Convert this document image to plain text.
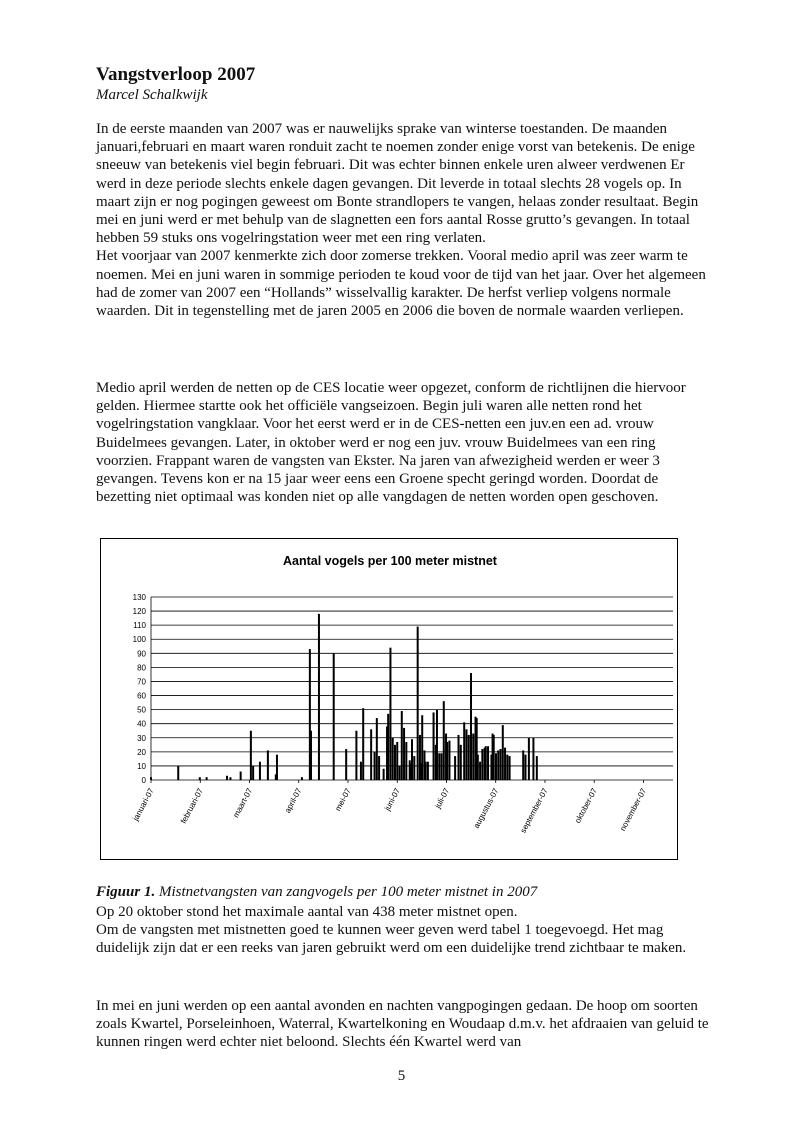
Vangstverloop 2007
Marcel Schalkwijk

In de eerste maanden van 2007 was er nauwelijks sprake van winterse toestanden. De maanden januari,februari en maart waren ronduit zacht te noemen zonder enige vorst van betekenis. De enige sneeuw van betekenis viel begin februari. Dit was echter binnen enkele uren alweer verdwenen Er werd in deze periode slechts enkele dagen gevangen. Dit leverde in totaal slechts 28 vogels op. In maart zijn er nog pogingen geweest om Bonte strandlopers te vangen, helaas zonder resultaat. Begin mei en juni werd er met behulp van de slagnetten een fors aantal Rosse grutto’s gevangen. In totaal hebben 59 stuks ons vogelringstation weer met een ring verlaten.

Het voorjaar van 2007 kenmerkte zich door zomerse trekken. Vooral medio april was zeer warm te noemen. Mei en juni waren in sommige perioden te koud voor de tijd van het jaar. Over het algemeen had de zomer van 2007 een “Hollands” wisselvallig karakter. De herfst verliep volgens normale waarden. Dit in tegenstelling met de jaren 2005 en 2006 die boven de normale waarden verliepen.

Medio april werden de netten op de CES locatie weer opgezet, conform de richtlijnen die hiervoor gelden. Hiermee startte ook het officiële vangseizoen. Begin juli waren alle netten rond het vogelringstation vangklaar. Voor het eerst werd er in de CES-netten een juv.en een ad. vrouw Buidelmees gevangen. Later, in oktober werd er nog een juv. vrouw Buidelmees van een ring voorzien. Frappant waren de vangsten van Ekster. Na jaren van afwezigheid werden er weer 3 gevangen. Tevens kon er na 15 jaar weer eens een Groene specht geringd worden. Doordat de bezetting niet optimaal was konden niet op alle vangdagen de netten worden open geschoven.

Aantal vogels per 100 meter mistnet
0
10
20
30
40
50
60
70
80
90
100
110
120
130
januari-07	februari-07	maart-07	april-07	mei-07	juni-07	juli-07	augustus-07 september-07	oktober-07 november-07
Figuur 1. Mistnetvangsten van zangvogels per 100 meter mistnet in 2007

Op 20 oktober stond het maximale aantal van 438 meter mistnet open.

Om de vangsten met mistnetten goed te kunnen weer geven werd tabel 1 toegevoegd. Het mag duidelijk zijn dat er een reeks van jaren gebruikt werd om een duidelijke trend zichtbaar te maken.

In mei en juni werden op een aantal avonden en nachten vangpogingen gedaan. De hoop om soorten zoals Kwartel, Porseleinhoen, Waterral, Kwartelkoning en Woudaap d.m.v. het afdraaien van geluid te kunnen ringen werd echter niet beloond. Slechts één Kwartel werd van

5
